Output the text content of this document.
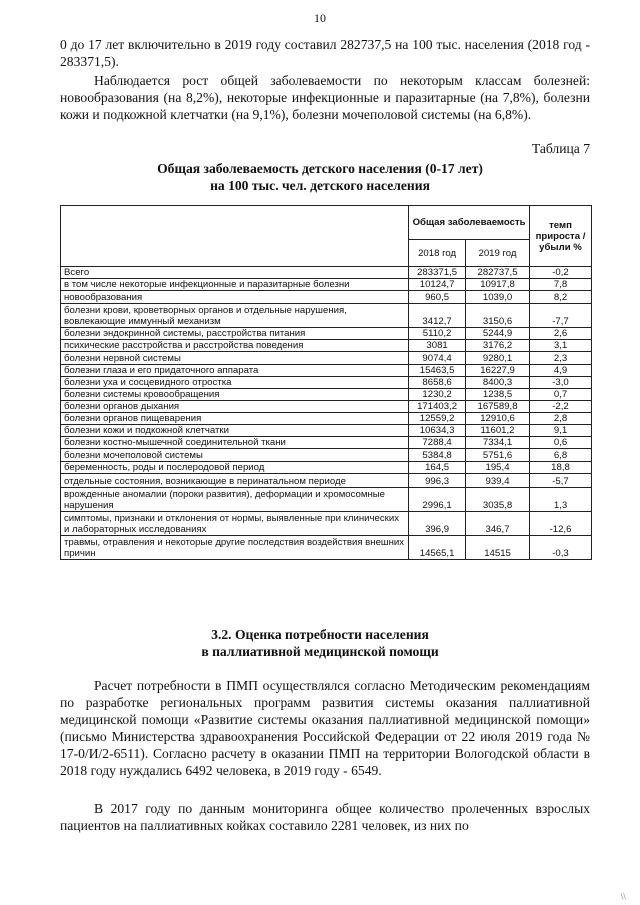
10
0 до 17 лет включительно в 2019 году составил 282737,5 на 100 тыс. населения (2018 год - 283371,5).
Наблюдается рост общей заболеваемости по некоторым классам болезней: новообразования (на 8,2%), некоторые инфекционные и паразитарные (на 7,8%), болезни кожи и подкожной клетчатки (на 9,1%), болезни мочеполовой системы (на 6,8%).
Таблица 7
Общая заболеваемость детского населения (0-17 лет)
на 100 тыс. чел. детского населения
	Общая заболеваемость		темп прироста /убыли %
	2018 год	2019 год	
Всего	283371,5	282737,5	-0,2
в том числе некоторые инфекционные и паразитарные болезни	10124,7	10917,8	7,8
новообразования	960,5	1039,0	8,2
болезни крови, кроветворных органов и отдельные нарушения, вовлекающие иммунный механизм	3412,7	3150,6	-7,7
болезни эндокринной системы, расстройства питания	5110,2	5244,9	2,6
психические расстройства и расстройства поведения	3081	3176,2	3,1
болезни нервной системы	9074,4	9280,1	2,3
болезни глаза и его придаточного аппарата	15463,5	16227,9	4,9
болезни уха и сосцевидного отростка	8658,6	8400,3	-3,0
болезни системы кровообращения	1230,2	1238,5	0,7
болезни органов дыхания	171403,2	167589,8	-2,2
болезни органов пищеварения	12559,2	12910,6	2,8
болезни кожи и подкожной клетчатки	10634,3	11601,2	9,1
болезни костно-мышечной соединительной ткани	7288,4	7334,1	0,6
болезни мочеполовой системы	5384,8	5751,6	6,8
беременность, роды и послеродовой период	164,5	195,4	18,8
отдельные состояния, возникающие в перинатальном периоде	996,3	939,4	-5,7
врожденные аномалии (пороки развития), деформации и хромосомные нарушения	2996,1	3035,8	1,3
симптомы, признаки и отклонения от нормы, выявленные при клинических и лабораторных исследованиях	396,9	346,7	-12,6
травмы, отравления и некоторые другие последствия воздействия внешних причин	14565,1	14515	-0,3
3.2. Оценка потребности населения
в паллиативной медицинской помощи
Расчет потребности в ПМП осуществлялся согласно Методическим рекомендациям по разработке региональных программ развития системы оказания паллиативной медицинской помощи «Развитие системы оказания паллиативной медицинской помощи» (письмо Министерства здравоохранения Российской Федерации от 22 июля 2019 года № 17-0/И/2-6511). Согласно расчету в оказании ПМП на территории Вологодской области в 2018 году нуждались 6492 человека, в 2019 году - 6549.
В 2017 году по данным мониторинга общее количество пролеченных взрослых пациентов на паллиативных койках составило 2281 человек, из них по
\\
